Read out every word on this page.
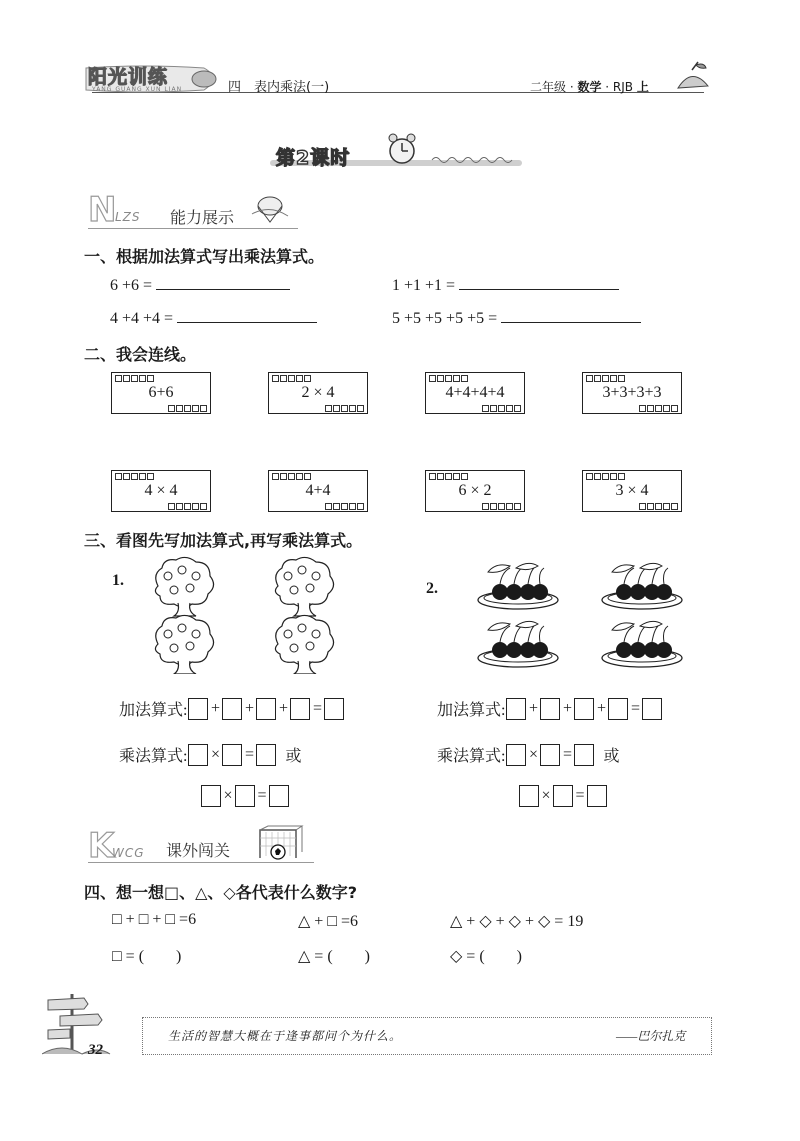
阳光训练
YANG GUANG XUN LIAN	四　表内乘法(一)	二年级 · 数学 · RJB 上
第2课时
N
LZS 能力展示
一、根据加法算式写出乘法算式。
6 +6 =	1 +1 +1 =
4 +4 +4 =	5 +5 +5 +5 +5 =
二、我会连线。
6+6	2 × 4	4+4+4+4	3+3+3+3
4 × 4	4+4	6 × 2	3 × 4
三、看图先写加法算式,再写乘法算式。
1.	2.
加法算式: + + + =
乘法算式: × = 或
× =
加法算式: + + + =
乘法算式: × = 或
× =
K
WCG 课外闯关
四、想一想□、△、◇各代表什么数字?
□ + □ + □ =6	△ + □ =6	△ + ◇ + ◇ + ◇ = 19
□ = (　　)	△ = (　　)	◇ = (　　)
32
生活的智慧大概在于逢事都问个为什么。	——巴尔扎克
